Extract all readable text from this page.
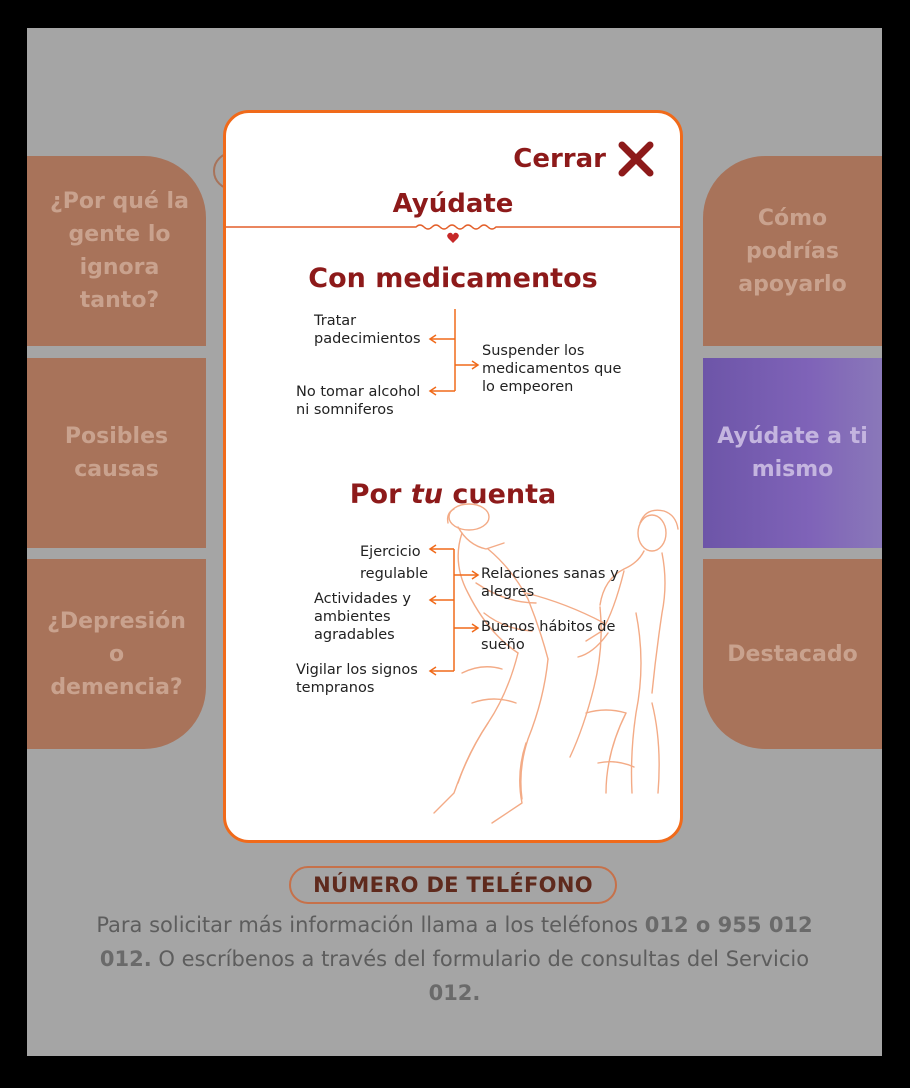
¿Por qué la gente lo ignora tanto?
Posibles causas
¿Depresión o demencia?
Cómo podrías apoyarlo
Ayúdate a ti mismo
Destacado
NÚMERO DE TELÉFONO
Para solicitar más información llama a los teléfonos 012 o 955 012 012. O escríbenos a través del formulario de consultas del Servicio 012.
Cerrar
Ayúdate
Con medicamentos
Tratar padecimientos
No tomar alcohol ni somniferos
Suspender los medicamentos que lo empeoren
Por tu cuenta
Ejercicio regulable
Actividades y ambientes agradables
Vigilar los signos tempranos
Relaciones sanas y alegres
Buenos hábitos de sueño
